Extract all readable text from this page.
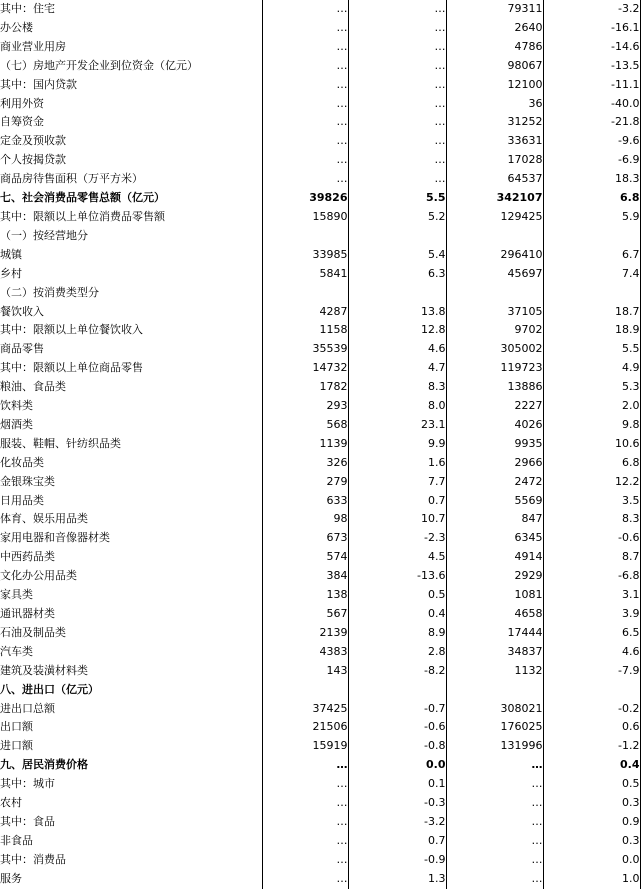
其中：住宅	…	…	79311	-3.2
办公楼	…	…	2640	-16.1
商业营业用房	…	…	4786	-14.6
（七）房地产开发企业到位资金（亿元）	…	…	98067	-13.5
其中：国内贷款	…	…	12100	-11.1
利用外资	…	…	36	-40.0
自筹资金	…	…	31252	-21.8
定金及预收款	…	…	33631	-9.6
个人按揭贷款	…	…	17028	-6.9
商品房待售面积（万平方米）	…	…	64537	18.3
七、社会消费品零售总额（亿元）	39826	5.5	342107	6.8
其中：限额以上单位消费品零售额	15890	5.2	129425	5.9
（一）按经营地分				
城镇	33985	5.4	296410	6.7
乡村	5841	6.3	45697	7.4
（二）按消费类型分				
餐饮收入	4287	13.8	37105	18.7
其中：限额以上单位餐饮收入	1158	12.8	9702	18.9
商品零售	35539	4.6	305002	5.5
其中：限额以上单位商品零售	14732	4.7	119723	4.9
粮油、食品类	1782	8.3	13886	5.3
饮料类	293	8.0	2227	2.0
烟酒类	568	23.1	4026	9.8
服装、鞋帽、针纺织品类	1139	9.9	9935	10.6
化妆品类	326	1.6	2966	6.8
金银珠宝类	279	7.7	2472	12.2
日用品类	633	0.7	5569	3.5
体育、娱乐用品类	98	10.7	847	8.3
家用电器和音像器材类	673	-2.3	6345	-0.6
中西药品类	574	4.5	4914	8.7
文化办公用品类	384	-13.6	2929	-6.8
家具类	138	0.5	1081	3.1
通讯器材类	567	0.4	4658	3.9
石油及制品类	2139	8.9	17444	6.5
汽车类	4383	2.8	34837	4.6
建筑及装潢材料类	143	-8.2	1132	-7.9
八、进出口（亿元）				
进出口总额	37425	-0.7	308021	-0.2
出口额	21506	-0.6	176025	0.6
进口额	15919	-0.8	131996	-1.2
九、居民消费价格	…	0.0	…	0.4
其中：城市	…	0.1	…	0.5
农村	…	-0.3	…	0.3
其中：食品	…	-3.2	…	0.9
非食品	…	0.7	…	0.3
其中：消费品	…	-0.9	…	0.0
服务	…	1.3	…	1.0
